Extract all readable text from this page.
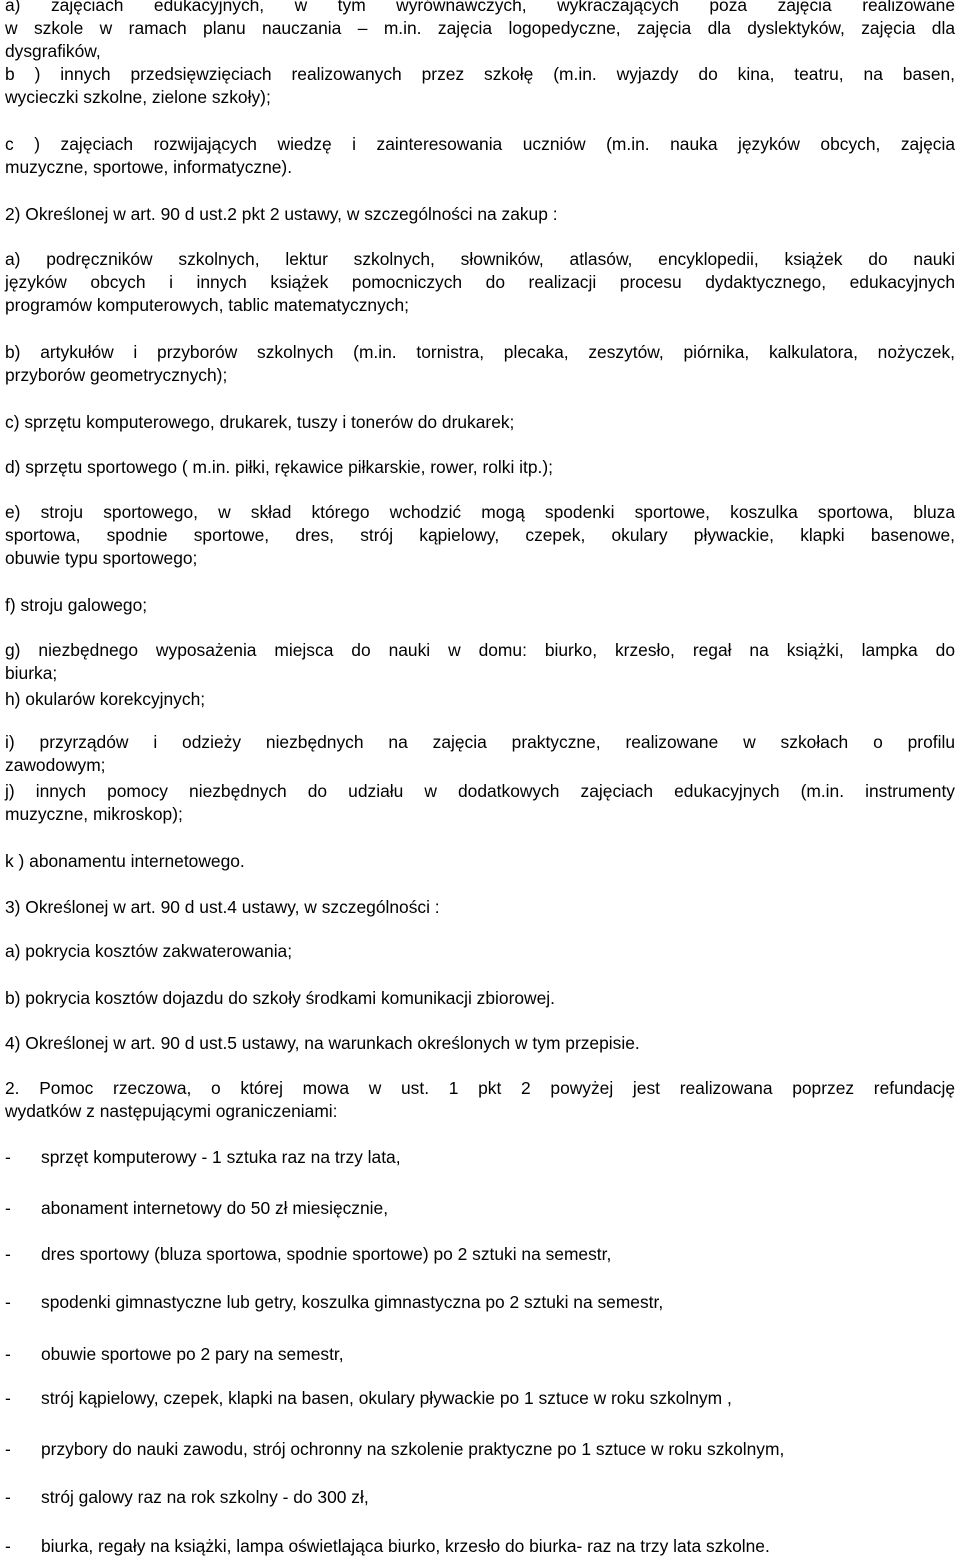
a) zajęciach edukacyjnych, w tym wyrównawczych, wykraczających poza zajęcia realizowane

w szkole w ramach planu nauczania – m.in. zajęcia logopedyczne, zajęcia dla dyslektyków, zajęcia dla

dysgrafików,

b ) innych przedsięwzięciach realizowanych przez szkołę (m.in. wyjazdy do kina, teatru, na basen,

wycieczki szkolne, zielone szkoły);

c ) zajęciach rozwijających wiedzę i zainteresowania uczniów (m.in. nauka języków obcych, zajęcia

muzyczne, sportowe, informatyczne).

2) Określonej w art. 90 d ust.2 pkt 2 ustawy, w szczególności na zakup :

a) podręczników szkolnych, lektur szkolnych, słowników, atlasów, encyklopedii, książek do nauki

języków obcych i innych książek pomocniczych do realizacji procesu dydaktycznego, edukacyjnych

programów komputerowych, tablic matematycznych;

b) artykułów i przyborów szkolnych (m.in. tornistra, plecaka, zeszytów, piórnika, kalkulatora, nożyczek,

przyborów geometrycznych);

c) sprzętu komputerowego, drukarek, tuszy i tonerów do drukarek;

d) sprzętu sportowego ( m.in. piłki, rękawice piłkarskie, rower, rolki itp.);

e) stroju sportowego, w skład którego wchodzić mogą spodenki sportowe, koszulka sportowa, bluza

sportowa, spodnie sportowe, dres, strój kąpielowy, czepek, okulary pływackie, klapki basenowe,

obuwie typu sportowego;

f) stroju galowego;

g) niezbędnego wyposażenia miejsca do nauki w domu: biurko, krzesło, regał na książki, lampka do

biurka;

h) okularów korekcyjnych;

i) przyrządów i odzieży niezbędnych na zajęcia praktyczne, realizowane w szkołach o profilu

zawodowym;

j) innych pomocy niezbędnych do udziału w dodatkowych zajęciach edukacyjnych (m.in. instrumenty

muzyczne, mikroskop);

k ) abonamentu internetowego.

3) Określonej w art. 90 d ust.4 ustawy, w szczególności :

a) pokrycia kosztów zakwaterowania;

b) pokrycia kosztów dojazdu do szkoły środkami komunikacji zbiorowej.

4) Określonej w art. 90 d ust.5 ustawy, na warunkach określonych w tym przepisie.

2. Pomoc rzeczowa, o której mowa w ust. 1 pkt 2 powyżej jest realizowana poprzez refundację

wydatków z następującymi ograniczeniami:

- sprzęt komputerowy - 1 sztuka raz na trzy lata,
- abonament internetowy do 50 zł miesięcznie,
- dres sportowy (bluza sportowa, spodnie sportowe) po 2 sztuki na semestr,
- spodenki gimnastyczne lub getry, koszulka gimnastyczna po 2 sztuki na semestr,
- obuwie sportowe po 2 pary na semestr,
- strój kąpielowy, czepek, klapki na basen, okulary pływackie po 1 sztuce w roku szkolnym ,
- przybory do nauki zawodu, strój ochronny na szkolenie praktyczne po 1 sztuce w roku szkolnym,
- strój galowy raz na rok szkolny - do 300 zł,
- biurka, regały na książki, lampa oświetlająca biurko, krzesło do biurka- raz na trzy lata szkolne.
